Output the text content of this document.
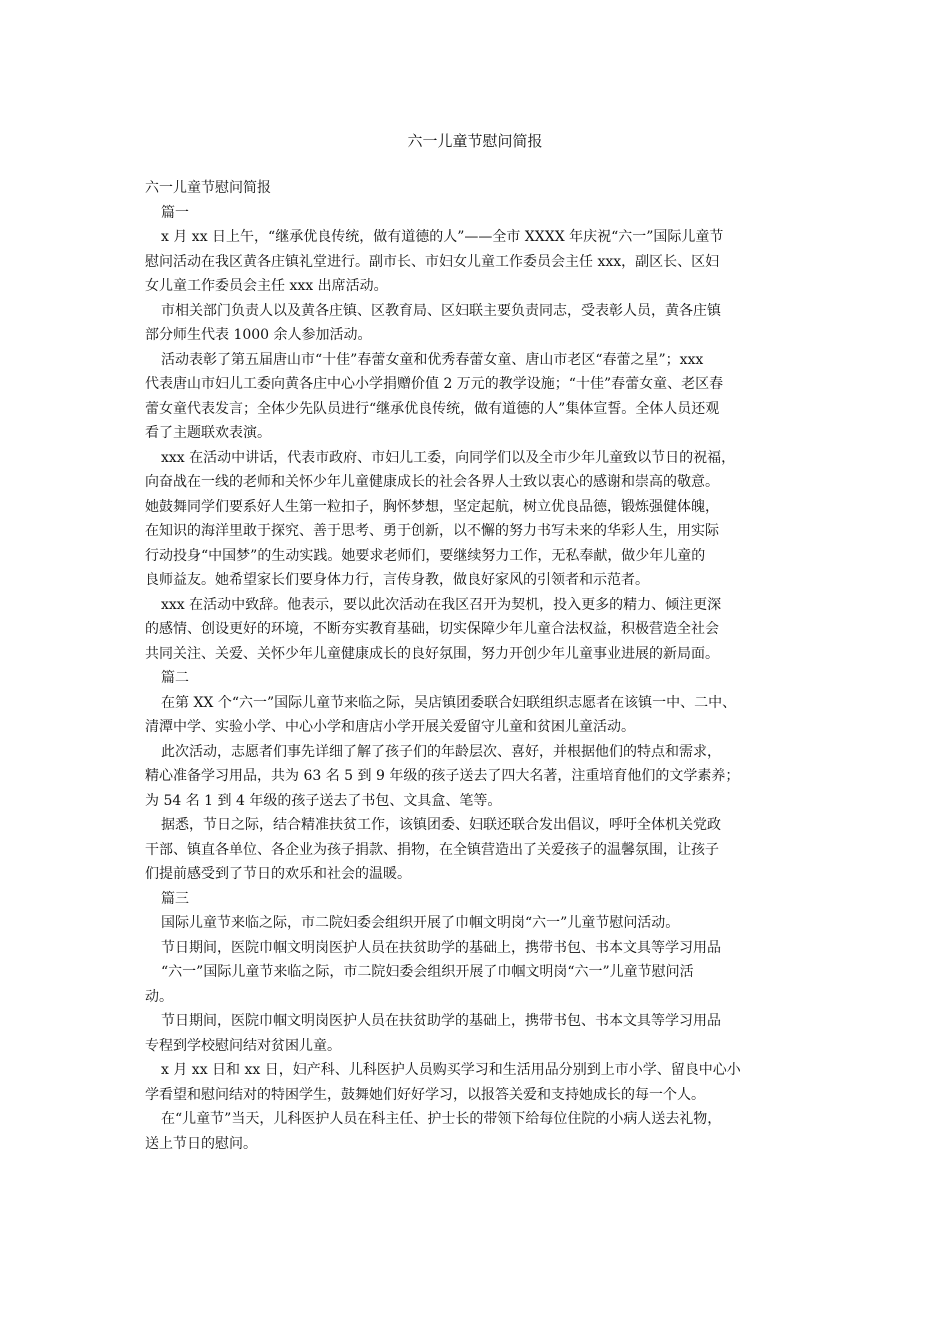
六一儿童节慰问简报
六一儿童节慰问简报
篇一
x 月 xx 日上午，“继承优良传统，做有道德的人”——全市 XXXX 年庆祝“六一”国际儿童节
慰问活动在我区黄各庄镇礼堂进行。副市长、市妇女儿童工作委员会主任 xxx，副区长、区妇
女儿童工作委员会主任 xxx 出席活动。
市相关部门负责人以及黄各庄镇、区教育局、区妇联主要负责同志，受表彰人员，黄各庄镇
部分师生代表 1000 余人参加活动。
活动表彰了第五届唐山市“十佳”春蕾女童和优秀春蕾女童、唐山市老区“春蕾之星”；xxx
代表唐山市妇儿工委向黄各庄中心小学捐赠价值 2 万元的教学设施；“十佳”春蕾女童、老区春
蕾女童代表发言；全体少先队员进行“继承优良传统，做有道德的人”集体宣誓。全体人员还观
看了主题联欢表演。
xxx 在活动中讲话，代表市政府、市妇儿工委，向同学们以及全市少年儿童致以节日的祝福，
向奋战在一线的老师和关怀少年儿童健康成长的社会各界人士致以衷心的感谢和崇高的敬意。
她鼓舞同学们要系好人生第一粒扣子，胸怀梦想，坚定起航，树立优良品德，锻炼强健体魄，
在知识的海洋里敢于探究、善于思考、勇于创新，以不懈的努力书写未来的华彩人生，用实际
行动投身“中国梦”的生动实践。她要求老师们，要继续努力工作，无私奉献，做少年儿童的
良师益友。她希望家长们要身体力行，言传身教，做良好家风的引领者和示范者。
xxx 在活动中致辞。他表示，要以此次活动在我区召开为契机，投入更多的精力、倾注更深
的感情、创设更好的环境，不断夯实教育基础，切实保障少年儿童合法权益，积极营造全社会
共同关注、关爱、关怀少年儿童健康成长的良好氛围，努力开创少年儿童事业进展的新局面。
篇二
在第 XX 个“六一”国际儿童节来临之际，吴店镇团委联合妇联组织志愿者在该镇一中、二中、
清潭中学、实验小学、中心小学和唐店小学开展关爱留守儿童和贫困儿童活动。
此次活动，志愿者们事先详细了解了孩子们的年龄层次、喜好，并根据他们的特点和需求，
精心准备学习用品，共为 63 名 5 到 9 年级的孩子送去了四大名著，注重培育他们的文学素养；
为 54 名 1 到 4 年级的孩子送去了书包、文具盒、笔等。
据悉，节日之际，结合精准扶贫工作，该镇团委、妇联还联合发出倡议，呼吁全体机关党政
干部、镇直各单位、各企业为孩子捐款、捐物，在全镇营造出了关爱孩子的温馨氛围，让孩子
们提前感受到了节日的欢乐和社会的温暖。
篇三
国际儿童节来临之际，市二院妇委会组织开展了巾帼文明岗“六一”儿童节慰问活动。
节日期间，医院巾帼文明岗医护人员在扶贫助学的基础上，携带书包、书本文具等学习用品
“六一”国际儿童节来临之际，市二院妇委会组织开展了巾帼文明岗“六一”儿童节慰问活
动。
节日期间，医院巾帼文明岗医护人员在扶贫助学的基础上，携带书包、书本文具等学习用品
专程到学校慰问结对贫困儿童。
x 月 xx 日和 xx 日，妇产科、儿科医护人员购买学习和生活用品分别到上市小学、留良中心小
学看望和慰问结对的特困学生，鼓舞她们好好学习，以报答关爱和支持她成长的每一个人。
在“儿童节”当天，儿科医护人员在科主任、护士长的带领下给每位住院的小病人送去礼物，
送上节日的慰问。
